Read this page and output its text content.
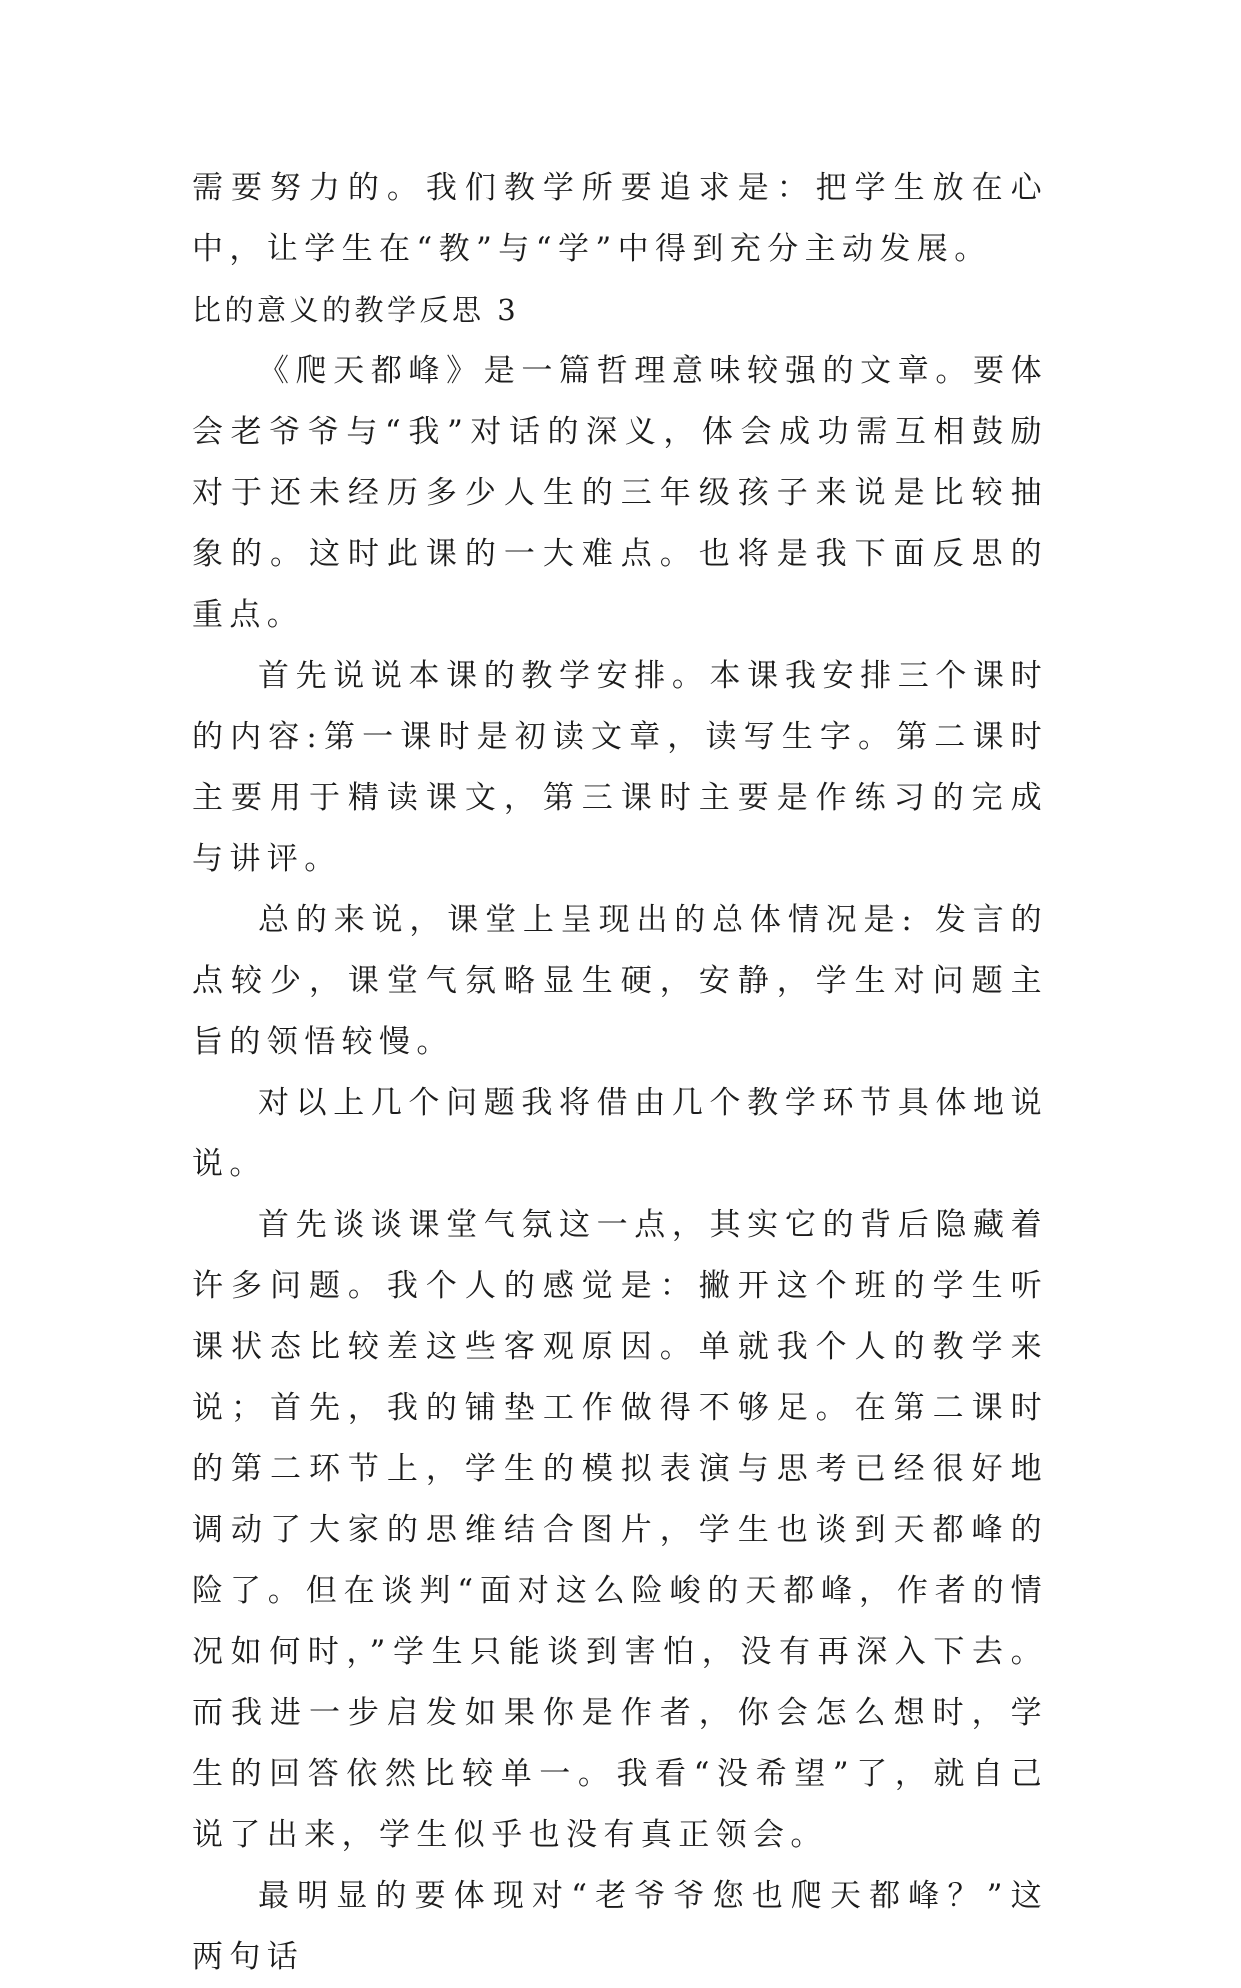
需要努力的。我们教学所要追求是：把学生放在心中，让学生在“教”与“学”中得到充分主动发展。

比的意义的教学反思 3

《爬天都峰》是一篇哲理意味较强的文章。要体会老爷爷与“我”对话的深义，体会成功需互相鼓励对于还未经历多少人生的三年级孩子来说是比较抽象的。这时此课的一大难点。也将是我下面反思的重点。

首先说说本课的教学安排。本课我安排三个课时的内容:第一课时是初读文章，读写生字。第二课时主要用于精读课文，第三课时主要是作练习的完成与讲评。

总的来说，课堂上呈现出的总体情况是: 发言的点较少，课堂气氛略显生硬，安静，学生对问题主旨的领悟较慢。

对以上几个问题我将借由几个教学环节具体地说说。

首先谈谈课堂气氛这一点，其实它的背后隐藏着许多问题。我个人的感觉是：撇开这个班的学生听课状态比较差这些客观原因。单就我个人的教学来说；首先，我的铺垫工作做得不够足。在第二课时的第二环节上，学生的模拟表演与思考已经很好地调动了大家的思维结合图片，学生也谈到天都峰的险了。但在谈判“面对这么险峻的天都峰，作者的情况如何时，”学生只能谈到害怕，没有再深入下去。而我进一步启发如果你是作者，你会怎么想时，学生的回答依然比较单一。我看“没希望”了，就自己说了出来，学生似乎也没有真正领会。

最明显的要体现对“老爷爷您也爬天都峰？”这两句话
